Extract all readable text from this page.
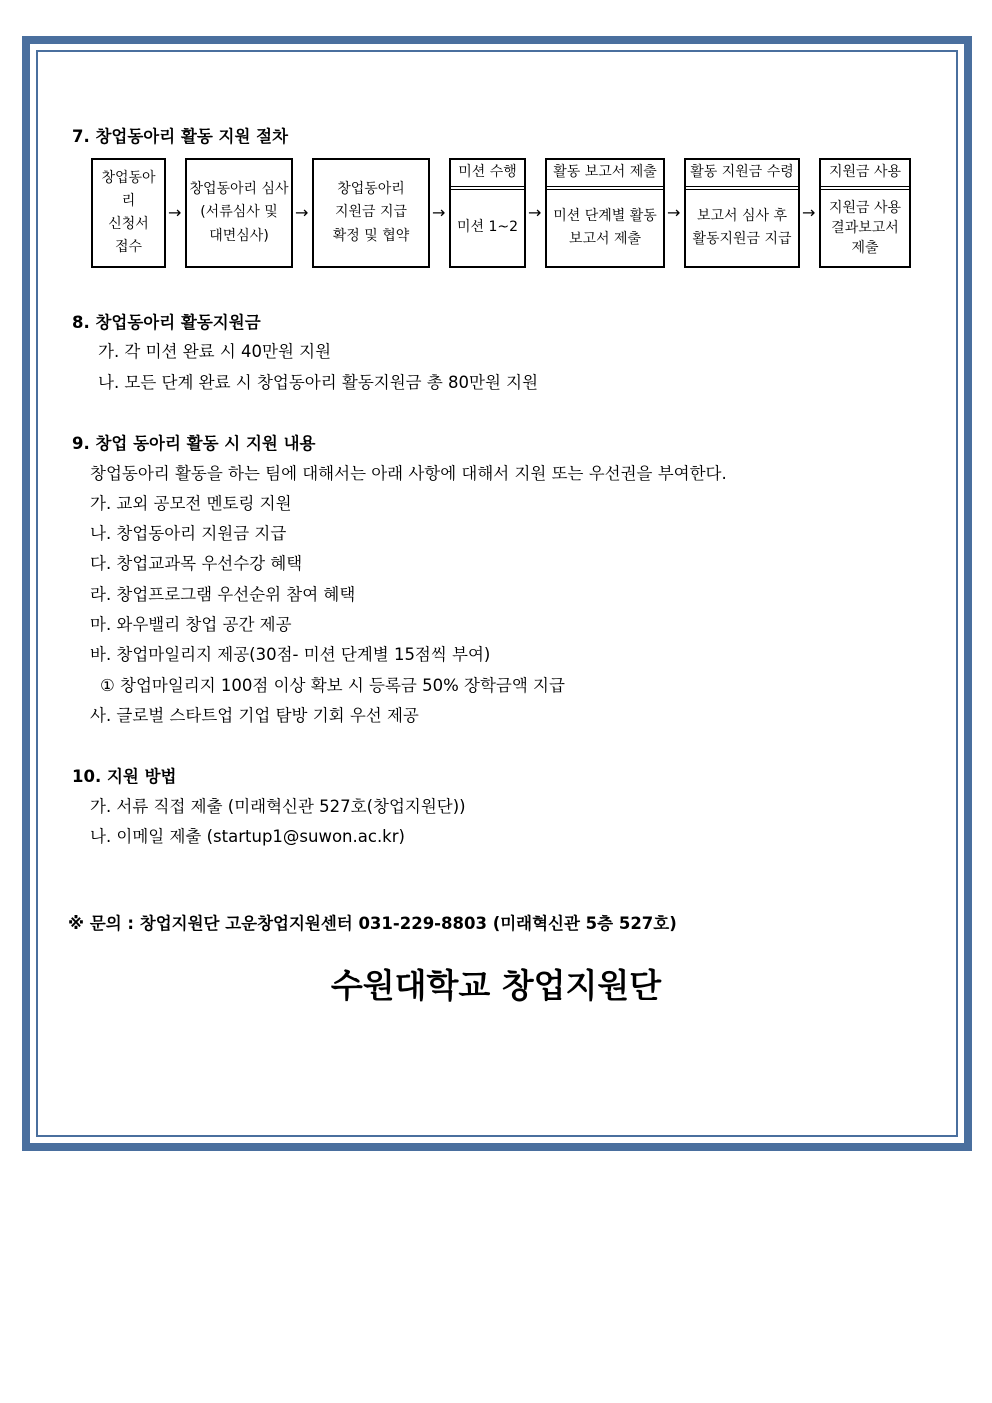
7. 창업동아리 활동 지원 절차
창업동아리
신청서
접수
→
창업동아리 심사
(서류심사 및
대면심사)
→
창업동아리
지원금 지급
확정 및 협약
→
미션 수행
미션 1~2
→
활동 보고서 제출
미션 단계별 활동
보고서 제출
→
활동 지원금 수령
보고서 심사 후
활동지원금 지급
→
지원금 사용
지원금 사용
결과보고서
제출
8. 창업동아리 활동지원금
가. 각 미션 완료 시 40만원 지원
나. 모든 단계 완료 시 창업동아리 활동지원금 총 80만원 지원
9. 창업 동아리 활동 시 지원 내용
창업동아리 활동을 하는 팀에 대해서는 아래 사항에 대해서 지원 또는 우선권을 부여한다.
가. 교외 공모전 멘토링 지원
나. 창업동아리 지원금 지급
다. 창업교과목 우선수강 혜택
라. 창업프로그램 우선순위 참여 혜택
마. 와우밸리 창업 공간 제공
바. 창업마일리지 제공(30점- 미션 단계별 15점씩 부여)
① 창업마일리지 100점 이상 확보 시 등록금 50% 장학금액 지급
사. 글로벌 스타트업 기업 탐방 기회 우선 제공
10. 지원 방법
가. 서류 직접 제출 (미래혁신관 527호(창업지원단))
나. 이메일 제출 (startup1@suwon.ac.kr)
※ 문의 : 창업지원단 고운창업지원센터 031-229-8803 (미래혁신관 5층 527호)
수원대학교 창업지원단
